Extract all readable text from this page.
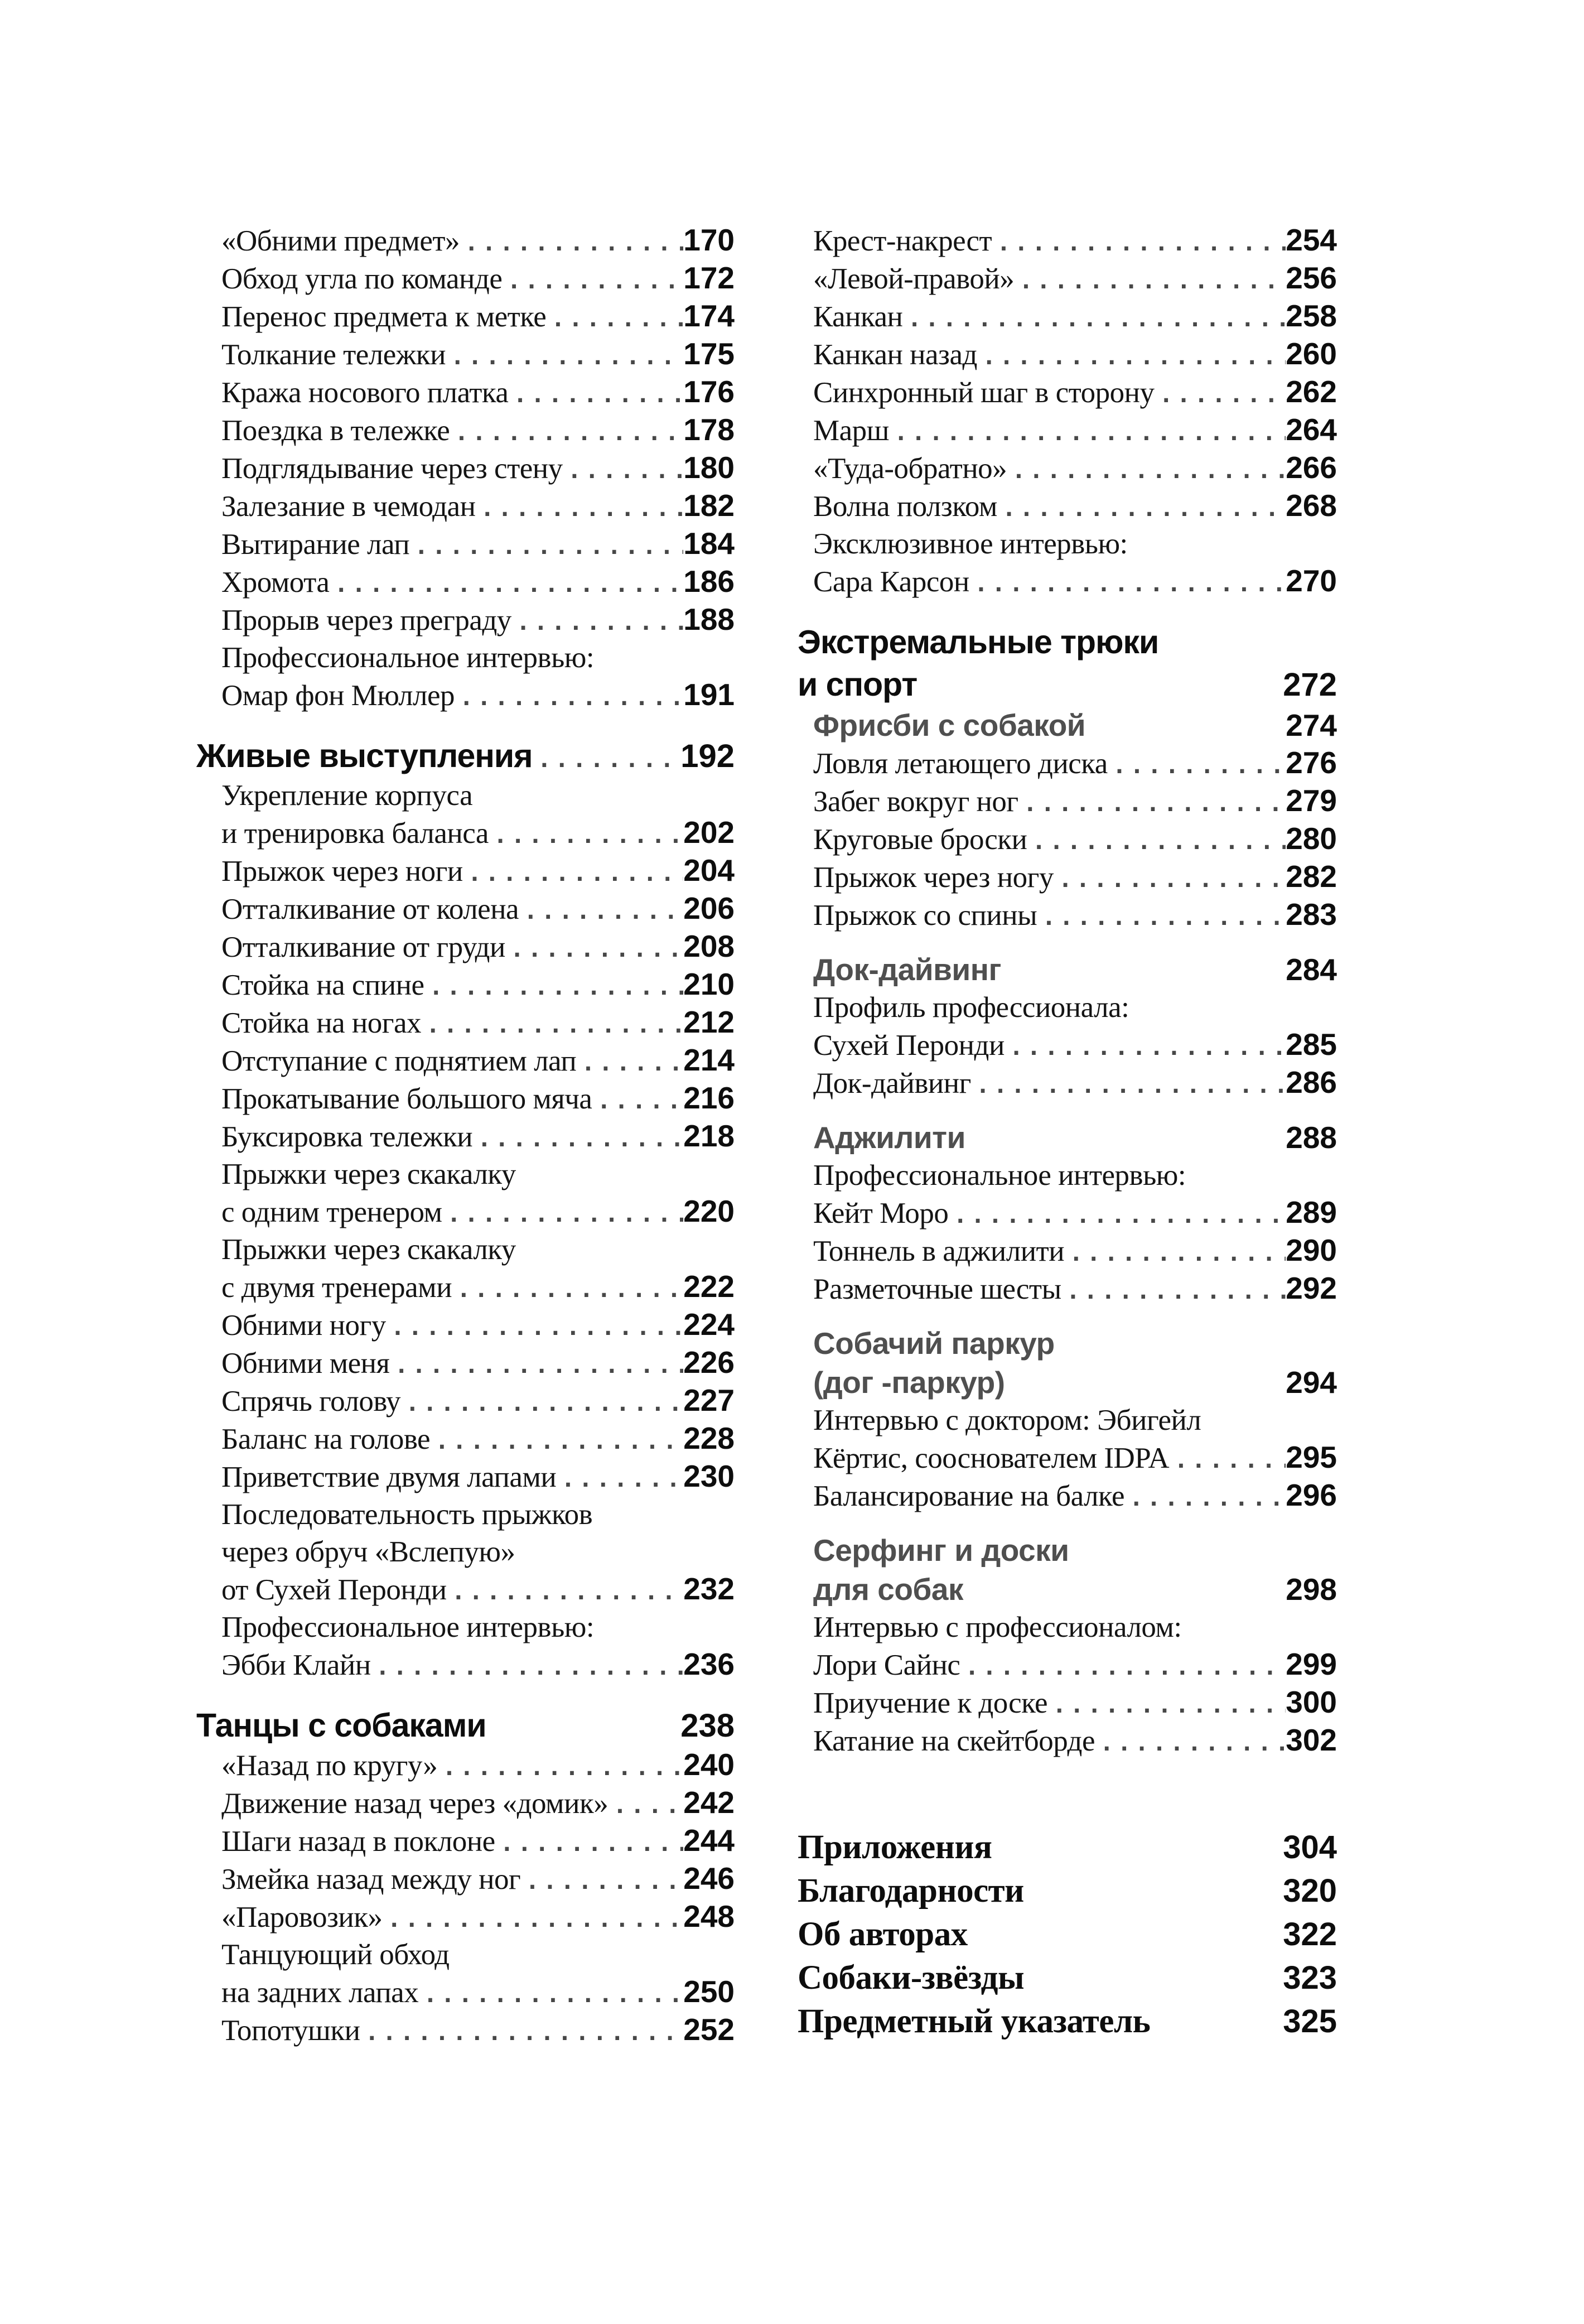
«Обними предмет» .....	170
Обход угла по команде .....	172
Перенос предмета к метке .....	174
Толкание тележки .....	175
Кража носового платка .....	176
Поездка в тележке .....	178
Подглядывание через стену .....	180
Залезание в чемодан .....	182
Вытирание лап .....	184
Хромота .....	186
Прорыв через преграду .....	188
Профессиональное интервью:
Омар фон Мюллер .....	191
Живые выступления .....	192
Укрепление корпуса
и тренировка баланса .....	202
Прыжок через ноги .....	204
Отталкивание от колена .....	206
Отталкивание от груди .....	208
Стойка на спине .....	210
Стойка на ногах .....	212
Отступание с поднятием лап .....	214
Прокатывание большого мяча .....	216
Буксировка тележки .....	218
Прыжки через скакалку
с одним тренером .....	220
Прыжки через скакалку
с двумя тренерами .....	222
Обними ногу .....	224
Обними меня .....	226
Спрячь голову .....	227
Баланс на голове .....	228
Приветствие двумя лапами .....	230
Последовательность прыжков
через обруч «Вслепую»
от Сухей Перонди .....	232
Профессиональное интервью:
Эбби Клайн .....	236
Танцы с собаками	238
«Назад по кругу» .....	240
Движение назад через «домик» ..... 242
Шаги назад в поклоне .....	244
Змейка назад между ног .....	246
«Паровозик» .....	248
Танцующий обход
на задних лапах .....	250
Топотушки .....	252
Крест-накрест .....	254
«Левой-правой» .....	256
Канкан .....	258
Канкан назад .....	260
Синхронный шаг в сторону .....	262
Марш .....	264
«Туда-обратно» .....	266
Волна ползком .....	268
Эксклюзивное интервью:
Сара Карсон .....	270
Экстремальные трюки
и спорт	272
Фрисби с собакой	274
Ловля летающего диска .....	276
Забег вокруг ног .....	279
Круговые броски .....	280
Прыжок через ногу .....	282
Прыжок со спины .....	283
Док-дайвинг	284
Профиль профессионала:
Сухей Перонди .....	285
Док-дайвинг .....	286
Аджилити	288
Профессиональное интервью:
Кейт Моро .....	289
Тоннель в аджилити .....	290
Разметочные шесты .....	292
Собачий паркур
(дог -паркур)	294
Интервью с доктором: Эбигейл
Кёртис, сооснователем IDPA .....	295
Балансирование на балке .....	296
Серфинг и доски
для собак	298
Интервью с профессионалом:
Лори Сайнс .....	299
Приучение к доске .....	300
Катание на скейтборде .....	302
Приложения	304
Благодарности	320
Об авторах	322
Собаки-звёзды	323
Предметный указатель	325
